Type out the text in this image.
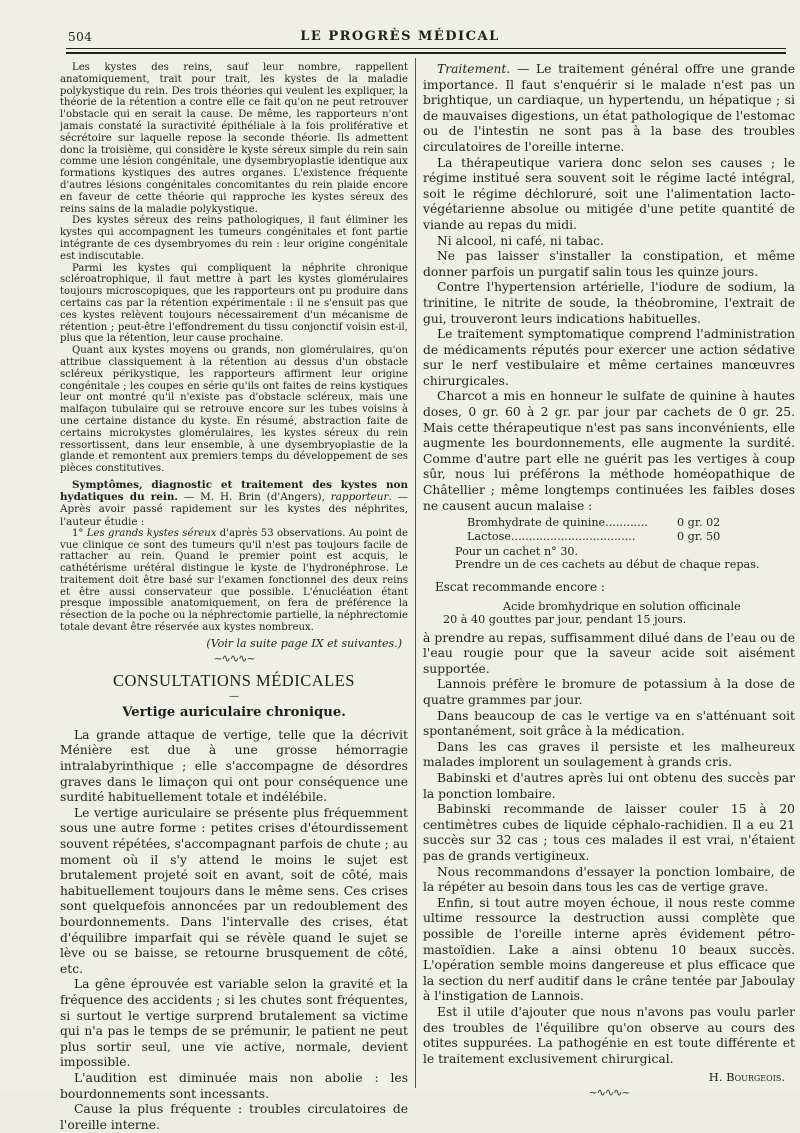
504	LE PROGRÈS MÉDICAL

Les kystes des reins, sauf leur nombre, rappellent anatomiquement, trait pour trait, les kystes de la maladie polykystique du rein. Des trois théories qui veulent les expliquer, la théorie de la rétention a contre elle ce fait qu'on ne peut retrouver l'obstacle qui en serait la cause. De même, les rapporteurs n'ont jamais constaté la suractivité épithéliale à la fois proliférative et sécrétoire sur laquelle repose la seconde théorie. Ils admettent donc la troisième, qui considère le kyste séreux simple du rein sain comme une lésion congénitale, une dysembryoplastie identique aux formations kystiques des autres organes. L'existence fréquente d'autres lésions congénitales concomitantes du rein plaide encore en faveur de cette théorie qui rapproche les kystes séreux des reins sains de la maladie polykystique.

Des kystes séreux des reins pathologiques, il faut éliminer les kystes qui accompagnent les tumeurs congénitales et font partie intégrante de ces dysembryomes du rein : leur origine congénitale est indiscutable.

Parmi les kystes qui compliquent la néphrite chronique scléroatrophique, il faut mettre à part les kystes glomérulaires toujours microscopiques, que les rapporteurs ont pu produire dans certains cas par la rétention expérimentale : il ne s'ensuit pas que ces kystes relèvent toujours nécessairement d'un mécanisme de rétention ; peut-être l'effondrement du tissu conjonctif voisin est-il, plus que la rétention, leur cause prochaine.

Quant aux kystes moyens ou grands, non glomérulaires, qu'on attribue classiquement à la rétention au dessus d'un obstacle scléreux périkystique, les rapporteurs affirment leur origine congénitale ; les coupes en série qu'ils ont faites de reins kystiques leur ont montré qu'il n'existe pas d'obstacle scléreux, mais une malfaçon tubulaire qui se retrouve encore sur les tubes voisins à une certaine distance du kyste. En résumé, abstraction faite de certains microkystes glomérulaires, les kystes séreux du rein ressortissent, dans leur ensemble, à une dysembryoplastie de la glande et remontent aux premiers temps du développement de ses pièces constitutives.

Symptômes, diagnostic et traitement des kystes non hydatiques du rein. — M. H. Brin (d'Angers), rapporteur. — Après avoir passé rapidement sur les kystes des néphrites, l'auteur étudie :

1° Les grands kystes séreux d'après 53 observations. Au point de vue clinique ce sont des tumeurs qu'il n'est pas toujours facile de rattacher au rein. Quand le premier point est acquis, le cathétérisme urétéral distingue le kyste de l'hydronéphrose. Le traitement doit être basé sur l'examen fonctionnel des deux reins et être aussi conservateur que possible. L'énucléation étant presque impossible anatomiquement, on fera de préférence la résection de la poche ou la néphrectomie partielle, la néphrectomie totale devant être réservée aux kystes nombreux.

(Voir la suite page IX et suivantes.)
~∿∿∿~
CONSULTATIONS MÉDICALES
—
Vertige auriculaire chronique.

La grande attaque de vertige, telle que la décrivit Ménière est due à une grosse hémorragie intralabyrinthique ; elle s'accompagne de désordres graves dans le limaçon qui ont pour conséquence une surdité habituellement totale et indélébile.

Le vertige auriculaire se présente plus fréquemment sous une autre forme : petites crises d'étourdissement souvent répétées, s'accompagnant parfois de chute ; au moment où il s'y attend le moins le sujet est brutalement projeté soit en avant, soit de côté, mais habituellement toujours dans le même sens. Ces crises sont quelquefois annoncées par un redoublement des bourdonnements. Dans l'intervalle des crises, état d'équilibre imparfait qui se révèle quand le sujet se lève ou se baisse, se retourne brusquement de côté, etc.

La gêne éprouvée est variable selon la gravité et la fréquence des accidents ; si les chutes sont fréquentes, si surtout le vertige surprend brutalement sa victime qui n'a pas le temps de se prémunir, le patient ne peut plus sortir seul, une vie active, normale, devient impossible.

L'audition est diminuée mais non abolie : les bourdonnements sont incessants.

Cause la plus fréquente : troubles circulatoires de l'oreille interne.

Traitement. — Le traitement général offre une grande importance. Il faut s'enquérir si le malade n'est pas un brightique, un cardiaque, un hypertendu, un hépatique ; si de mauvaises digestions, un état pathologique de l'estomac ou de l'intestin ne sont pas à la base des troubles circulatoires de l'oreille interne.

La thérapeutique variera donc selon ses causes ; le régime institué sera souvent soit le régime lacté intégral, soit le régime déchloruré, soit une l'alimentation lacto-végétarienne absolue ou mitigée d'une petite quantité de viande au repas du midi.

Ni alcool, ni café, ni tabac.

Ne pas laisser s'installer la constipation, et même donner parfois un purgatif salin tous les quinze jours.

Contre l'hypertension artérielle, l'iodure de sodium, la trinitine, le nitrite de soude, la théobromine, l'extrait de gui, trouveront leurs indications habituelles.

Le traitement symptomatique comprend l'administration de médicaments réputés pour exercer une action sédative sur le nerf vestibulaire et même certaines manœuvres chirurgicales.

Charcot a mis en honneur le sulfate de quinine à hautes doses, 0 gr. 60 à 2 gr. par jour par cachets de 0 gr. 25. Mais cette thérapeutique n'est pas sans inconvénients, elle augmente les bourdonnements, elle augmente la surdité. Comme d'autre part elle ne guérit pas les vertiges à coup sûr, nous lui préférons la méthode homéopathique de Châtellier ; même longtemps continuées les faibles doses ne causent aucun malaise :

Bromhydrate de quinine............	0 gr. 02
Lactose...................................	0 gr. 50
Pour un cachet n° 30.
Prendre un de ces cachets au début de chaque repas.
Escat recommande encore :
Acide bromhydrique en solution officinale
20 à 40 gouttes par jour, pendant 15 jours.

à prendre au repas, suffisamment dilué dans de l'eau ou de l'eau rougie pour que la saveur acide soit aisément supportée.

Lannois préfère le bromure de potassium à la dose de quatre grammes par jour.

Dans beaucoup de cas le vertige va en s'atténuant soit spontanément, soit grâce à la médication.

Dans les cas graves il persiste et les malheureux malades implorent un soulagement à grands cris.

Babinski et d'autres après lui ont obtenu des succès par la ponction lombaire.

Babinski recommande de laisser couler 15 à 20 centimètres cubes de liquide céphalo-rachidien. Il a eu 21 succès sur 32 cas ; tous ces malades il est vrai, n'étaient pas de grands vertigineux.

Nous recommandons d'essayer la ponction lombaire, de la répéter au besoin dans tous les cas de vertige grave.

Enfin, si tout autre moyen échoue, il nous reste comme ultime ressource la destruction aussi complète que possible de l'oreille interne après évidement pétro-mastoïdien. Lake a ainsi obtenu 10 beaux succès. L'opération semble moins dangereuse et plus efficace que la section du nerf auditif dans le crâne tentée par Jaboulay à l'instigation de Lannois.

Est il utile d'ajouter que nous n'avons pas voulu parler des troubles de l'équilibre qu'on observe au cours des otites suppurées. La pathogénie en est toute différente et le traitement exclusivement chirurgical.

H. Bourgeois.
~∿∿∿~
